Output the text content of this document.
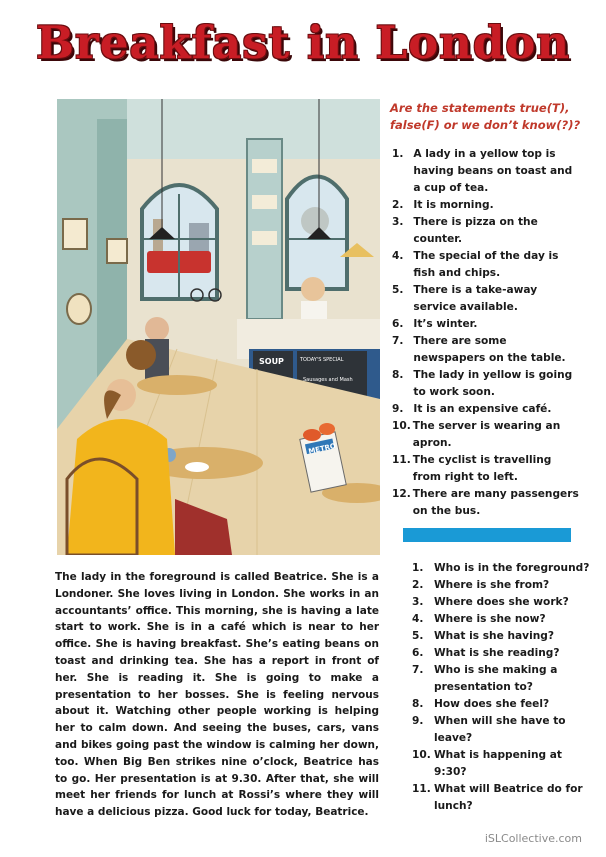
Breakfast in London
SOUP	TODAY'S SPECIAL
Sausages and Mash
METRO
Are the statements true(T), false(F) or we don’t know(?)?
1. A lady in a yellow top is having beans on toast and a cup of tea.
2. It is morning.
3. There is pizza on the counter.
4. The special of the day is fish and chips.
5. There is a take-away service available.
6. It’s winter.
7. There are some newspapers on the table.
8. The lady in yellow is going to work soon.
9. It is an expensive café.
10. The server is wearing an apron.
11. The cyclist is travelling from right to left.
12. There are many passengers on the bus.

The lady in the foreground is called Beatrice. She is a Londoner. She loves living in London. She works in an accountants’ office. This morning, she is having a late start to work. She is in a café which is near to her office. She is having breakfast. She’s eating beans on toast and drinking tea. She has a report in front of her. She is reading it. She is going to make a presentation to her bosses. She is feeling nervous about it. Watching other people working is helping her to calm down. And seeing the buses, cars, vans and bikes going past the window is calming her down, too. When Big Ben strikes nine o’clock, Beatrice has to go. Her presentation is at 9.30. After that, she will meet her friends for lunch at Rossi’s where they will have a delicious pizza. Good luck for today, Beatrice.

1. Who is in the foreground?
2. Where is she from?
3. Where does she work?
4. Where is she now?
5. What is she having?
6. What is she reading?
7. Who is she making a presentation to?
8. How does she feel?
9. When will she have to leave?
10. What is happening at 9:30?
11. What will Beatrice do for lunch?
iSLCollective.com
